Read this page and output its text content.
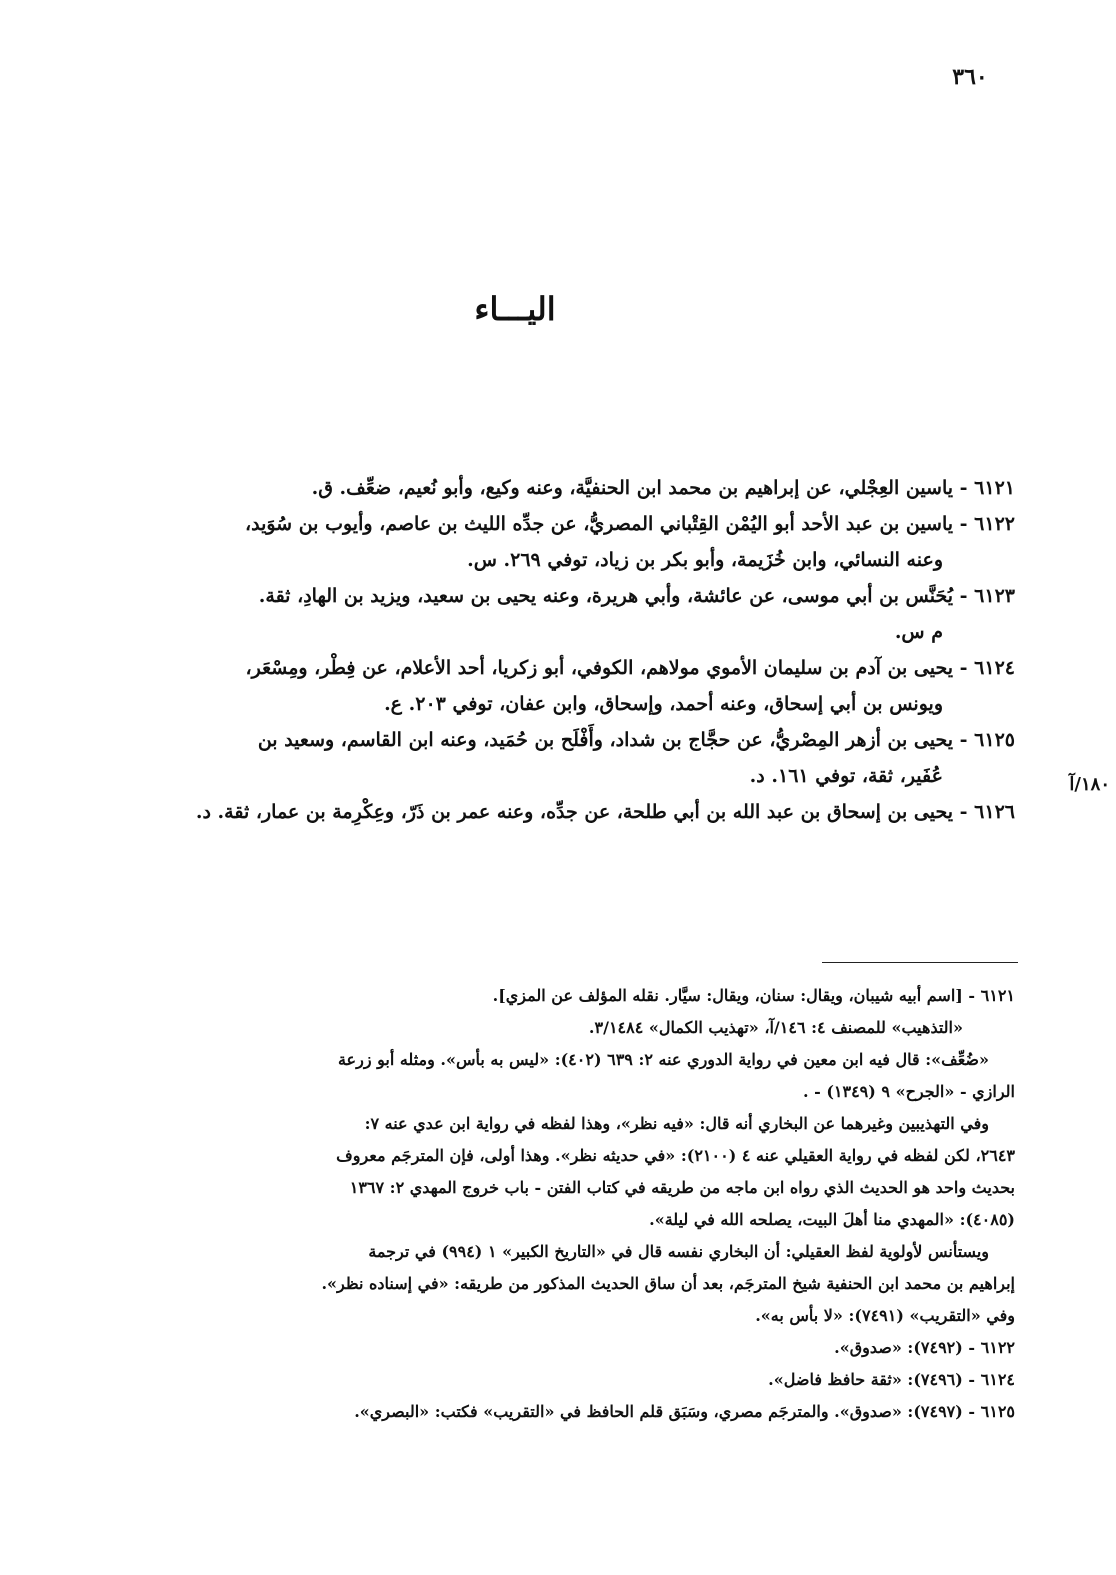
٣٦٠
اليـــاء
١٨٠/آ
٦١٢١ - ياسين العِجْلي، عن إبراهيم بن محمد ابن الحنفيَّة، وعنه وكيع، وأبو نُعيم، ضعِّف. ق.
٦١٢٢ - ياسين بن عبد الأحد أبو اليُمْن القِتْباني المصريُّ، عن جدِّه الليث بن عاصم، وأيوب بن سُوَيد،
وعنه النسائي، وابن خُزَيمة، وأبو بكر بن زياد، توفي ٢٦٩. س.
٦١٢٣ - يُحَنَّس بن أبي موسى، عن عائشة، وأبي هريرة، وعنه يحيى بن سعيد، ويزيد بن الهادِ، ثقة.
م س.
٦١٢٤ - يحيى بن آدم بن سليمان الأموي مولاهم، الكوفي، أبو زكريا، أحد الأعلام، عن فِطْر، ومِسْعَر،
ويونس بن أبي إسحاق، وعنه أحمد، وإسحاق، وابن عفان، توفي ٢٠٣. ع.
٦١٢٥ - يحيى بن أزهر المِصْريُّ، عن حجَّاج بن شداد، وأَفْلَح بن حُمَيد، وعنه ابن القاسم، وسعيد بن
عُفَير، ثقة، توفي ١٦١. د.
٦١٢٦ - يحيى بن إسحاق بن عبد الله بن أبي طلحة، عن جدِّه، وعنه عمر بن ذَرّ، وعِكْرِمة بن عمار، ثقة. د.
٦١٢١ - [اسم أبيه شيبان، ويقال: سنان، ويقال: سيَّار. نقله المؤلف عن المزي].
«التذهيب» للمصنف ٤: ١٤٦/آ، «تهذيب الكمال» ٣/١٤٨٤.
«ضُعِّف»: قال فيه ابن معين في رواية الدوري عنه ٢: ٦٣٩ (٤٠٢): «ليس به بأس». ومثله أبو زرعة
الرازي - «الجرح» ٩ (١٣٤٩) - .
وفي التهذيبين وغيرهما عن البخاري أنه قال: «فيه نظر»، وهذا لفظه في رواية ابن عدي عنه ٧:
٢٦٤٣، لكن لفظه في رواية العقيلي عنه ٤ (٢١٠٠): «في حديثه نظر». وهذا أولى، فإن المترجَم معروف
بحديث واحد هو الحديث الذي رواه ابن ماجه من طريقه في كتاب الفتن - باب خروج المهدي ٢: ١٣٦٧
(٤٠٨٥): «المهدي منا أهلَ البيت، يصلحه الله في ليلة».
ويستأنس لأولوية لفظ العقيلي: أن البخاري نفسه قال في «التاريخ الكبير» ١ (٩٩٤) في ترجمة
إبراهيم بن محمد ابن الحنفية شيخ المترجَم، بعد أن ساق الحديث المذكور من طريقه: «في إسناده نظر».
وفي «التقريب» (٧٤٩١): «لا بأس به».
٦١٢٢ - (٧٤٩٢): «صدوق».
٦١٢٤ - (٧٤٩٦): «ثقة حافظ فاضل».
٦١٢٥ - (٧٤٩٧): «صدوق». والمترجَم مصري، وسَبَق قلم الحافظ في «التقريب» فكتب: «البصري».
